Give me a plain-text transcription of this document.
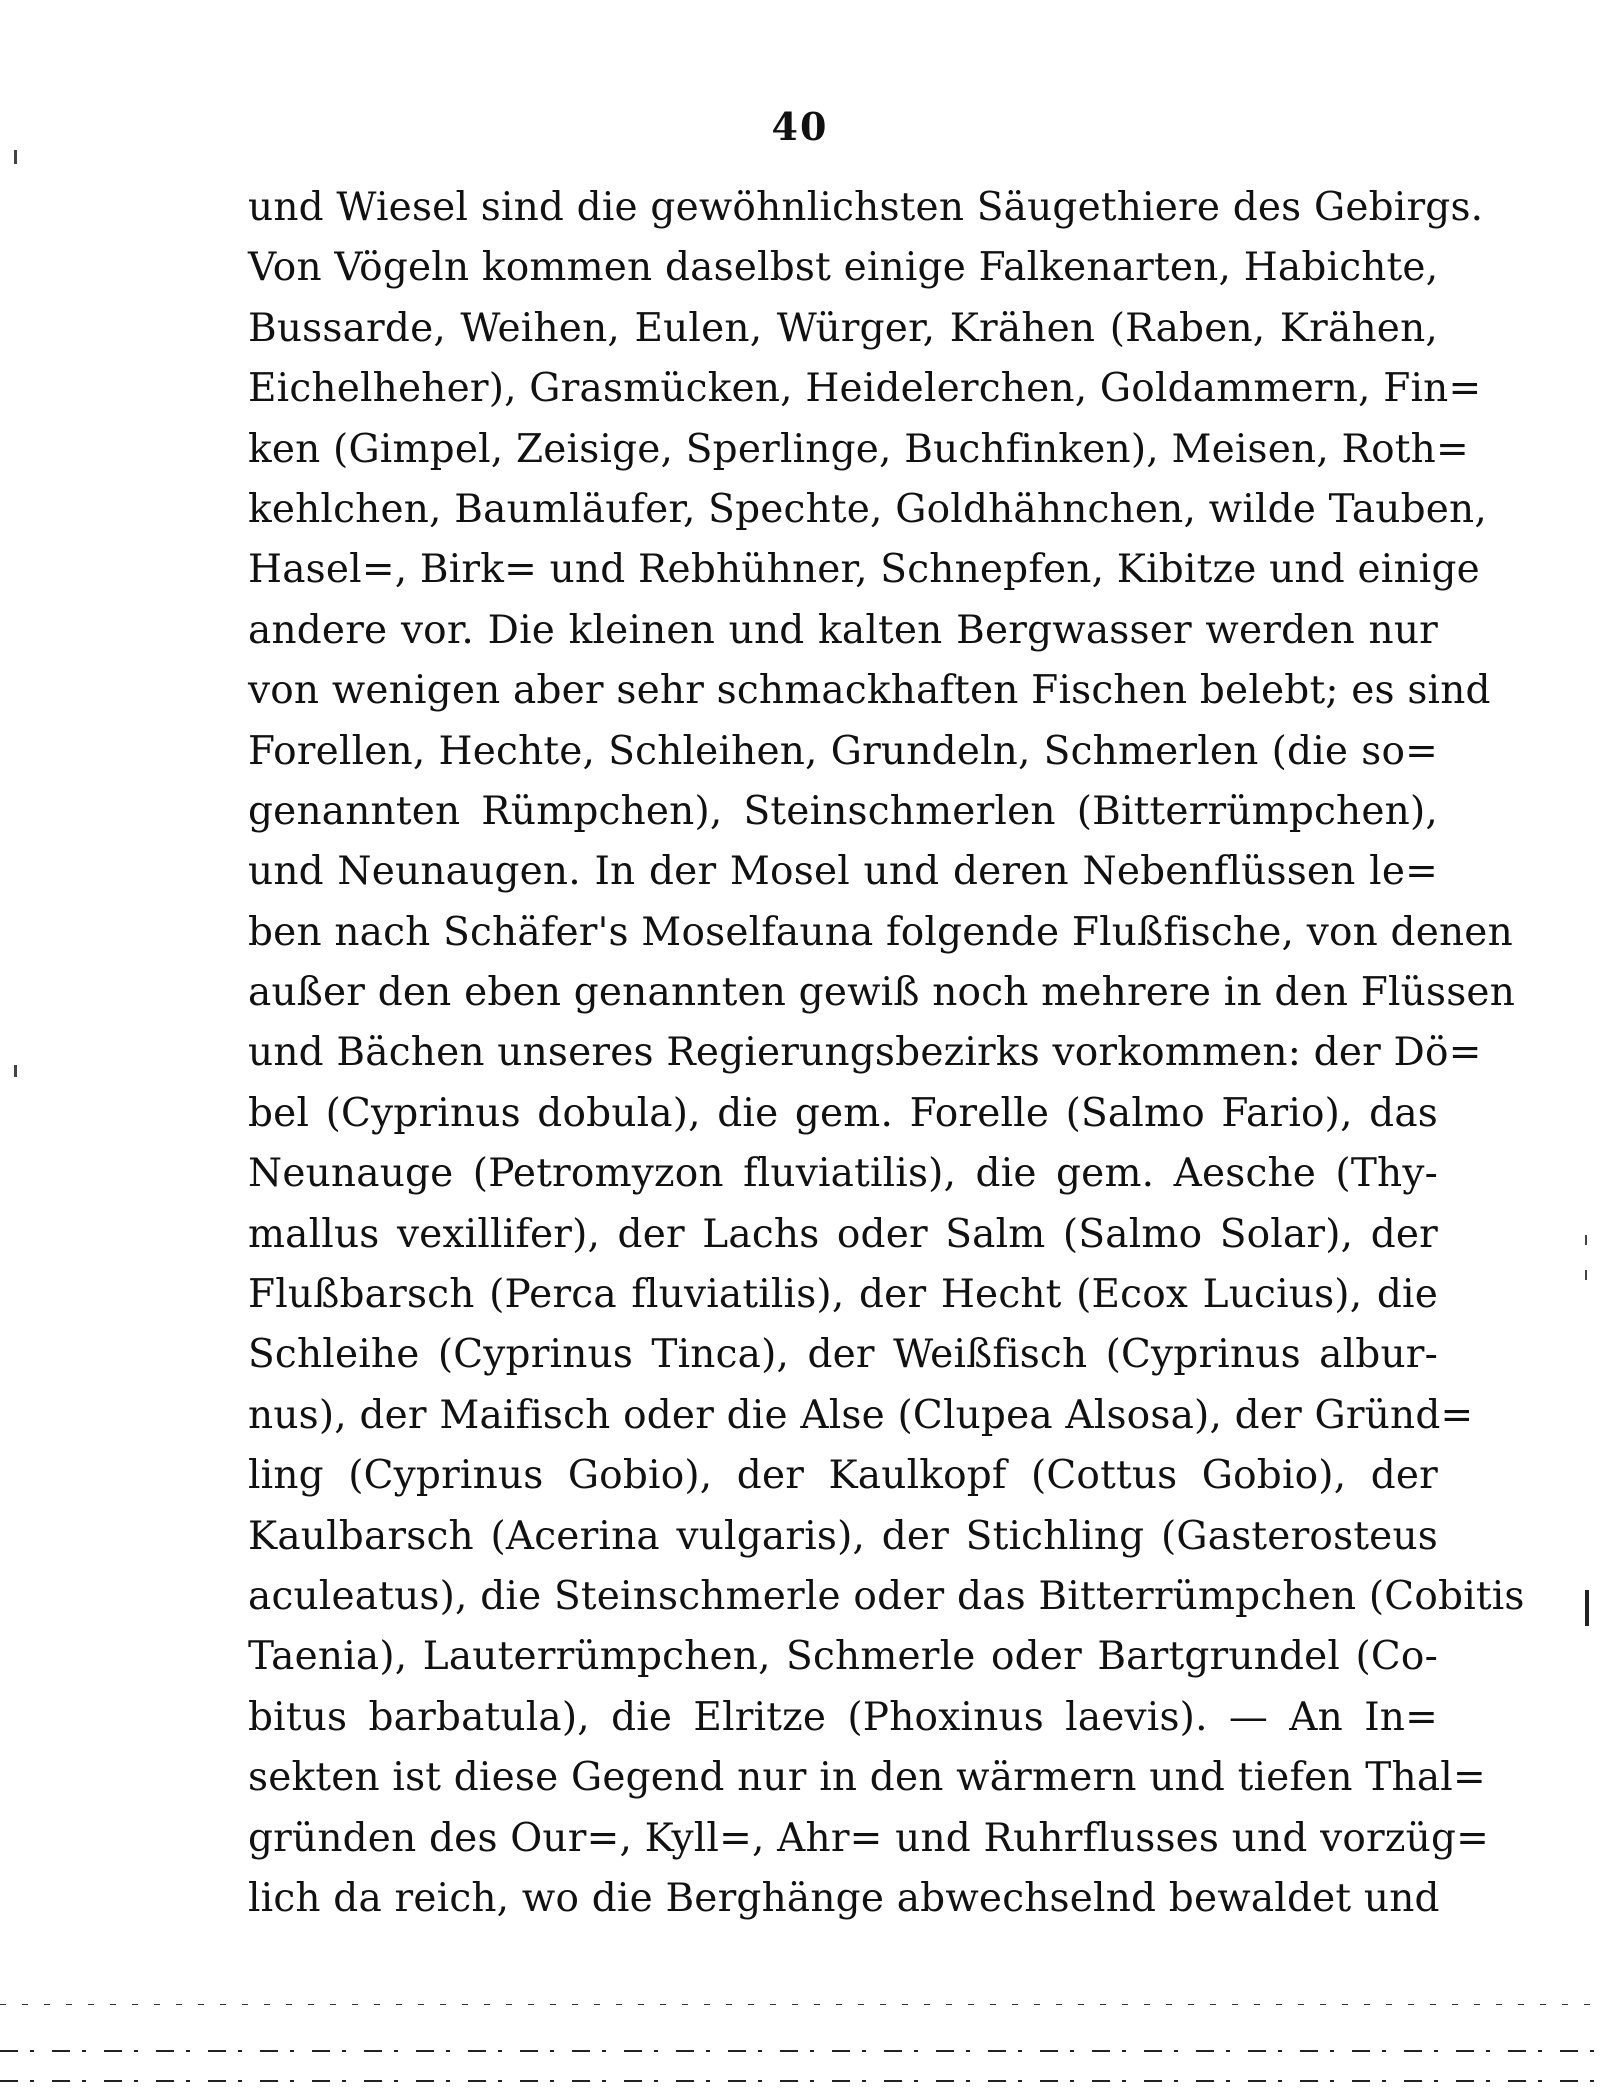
40
und Wiesel sind die gewöhnlichsten Säugethiere des Gebirgs.
Von Vögeln kommen daselbst einige Falkenarten, Habichte,
Bussarde, Weihen, Eulen, Würger, Krähen (Raben, Krähen,
Eichelheher), Grasmücken, Heidelerchen, Goldammern, Fin=
ken (Gimpel, Zeisige, Sperlinge, Buchfinken), Meisen, Roth=
kehlchen, Baumläufer, Spechte, Goldhähnchen, wilde Tauben,
Hasel=, Birk= und Rebhühner, Schnepfen, Kibitze und einige
andere vor. Die kleinen und kalten Bergwasser werden nur
von wenigen aber sehr schmackhaften Fischen belebt; es sind
Forellen, Hechte, Schleihen, Grundeln, Schmerlen (die so=
genannten Rümpchen), Steinschmerlen (Bitterrümpchen),
und Neunaugen. In der Mosel und deren Nebenflüssen le=
ben nach Schäfer's Moselfauna folgende Flußfische, von denen
außer den eben genannten gewiß noch mehrere in den Flüssen
und Bächen unseres Regierungsbezirks vorkommen: der Dö=
bel (Cyprinus dobula), die gem. Forelle (Salmo Fario), das
Neunauge (Petromyzon fluviatilis), die gem. Aesche (Thy-
mallus vexillifer), der Lachs oder Salm (Salmo Solar), der
Flußbarsch (Perca fluviatilis), der Hecht (Ecox Lucius), die
Schleihe (Cyprinus Tinca), der Weißfisch (Cyprinus albur-
nus), der Maifisch oder die Alse (Clupea Alsosa), der Gründ=
ling (Cyprinus Gobio), der Kaulkopf (Cottus Gobio), der
Kaulbarsch (Acerina vulgaris), der Stichling (Gasterosteus
aculeatus), die Steinschmerle oder das Bitterrümpchen (Cobitis
Taenia), Lauterrümpchen, Schmerle oder Bartgrundel (Co-
bitus barbatula), die Elritze (Phoxinus laevis). — An In=
sekten ist diese Gegend nur in den wärmern und tiefen Thal=
gründen des Our=, Kyll=, Ahr= und Ruhrflusses und vorzüg=
lich da reich, wo die Berghänge abwechselnd bewaldet und
